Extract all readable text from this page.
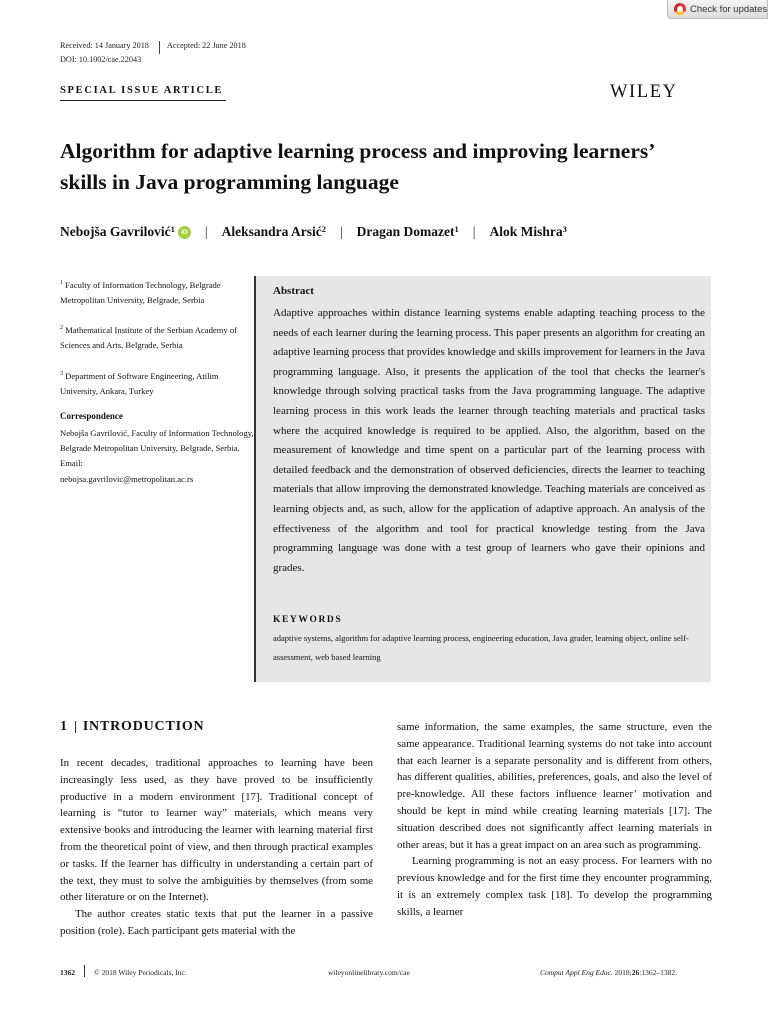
Check for updates
Received: 14 January 2018 Accepted: 22 June 2018
DOI: 10.1002/cae.22043
SPECIAL ISSUE ARTICLE	WILEY
Algorithm for adaptive learning process and improving learners’ skills in Java programming language
Nebojša Gavrilović$^1$ iD | Aleksandra Arsić$^2$ | Dragan Domazet$^1$ | Alok Mishra$^3$
$^1$ Faculty of Information Technology, Belgrade Metropolitan University, Belgrade, Serbia
$^2$ Mathematical Institute of the Serbian Academy of Sciences and Arts, Belgrade, Serbia
$^3$ Department of Software Engineering, Atilim University, Ankara, Turkey
Correspondence
Nebojša Gavrilović, Faculty of Information Technology, Belgrade Metropolitan University, Belgrade, Serbia.
Email:
nebojsa.gavrilovic@metropolitan.ac.rs
Abstract

Adaptive approaches within distance learning systems enable adapting teaching process to the needs of each learner during the learning process. This paper presents an algorithm for creating an adaptive learning process that provides knowledge and skills improvement for learners in the Java programming language. Also, it presents the application of the tool that checks the learner's knowledge through solving practical tasks from the Java programming language. The adaptive learning process in this work leads the learner through teaching materials and practical tasks where the acquired knowledge is required to be applied. Also, the algorithm, based on the measurement of knowledge and time spent on a particular part of the learning process with detailed feedback and the demonstration of observed deficiencies, directs the learner to teaching materials that allow improving the demonstrated knowledge. Teaching materials are conceived as learning objects and, as such, allow for the application of adaptive approach. An analysis of the effectiveness of the algorithm and tool for practical knowledge testing from the Java programming language was done with a test group of learners who gave their opinions and grades.

KEYWORDS
adaptive systems, algorithm for adaptive learning process, engineering education, Java grader, learning object, online self-assessment, web based learning
1 INTRODUCTION

In recent decades, traditional approaches to learning have been increasingly less used, as they have proved to be insufficiently productive in a modern environment [17]. Traditional concept of learning is “tutor to learner way” materials, which means very extensive books and introducing the learner with learning material first from the theoretical point of view, and then through practical examples or tasks. If the learner has difficulty in understanding a certain part of the text, they must to solve the ambiguities by themselves (from some other literature or on the Internet).

The author creates static texts that put the learner in a passive position (role). Each participant gets material with the

same information, the same examples, the same structure, even the same appearance. Traditional learning systems do not take into account that each learner is a separate personality and is different from others, has different qualities, abilities, preferences, goals, and also the level of pre-knowledge. All these factors influence learner’ motivation and should be kept in mind while creating learning materials [17]. The situation described does not significantly affect learning materials in other areas, but it has a great impact on an area such as programming.

Learning programming is not an easy process. For learners with no previous knowledge and for the first time they encounter programming, it is an extremely complex task [18]. To develop the programming skills, a learner

1362	© 2018 Wiley Periodicals, Inc.	wileyonlinelibrary.com/cae	Comput Appl Eng Educ. 2018;26:1362–1382.
